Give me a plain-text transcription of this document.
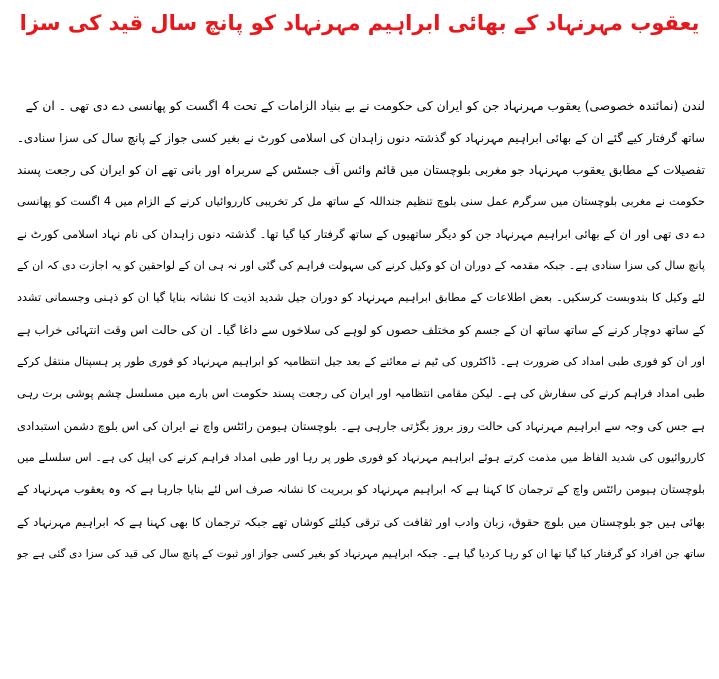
یعقوب مہرنہاد کے بھائی ابراہیم مہرنہاد کو پانچ سال قید کی سزا
لندن (نمائندہ خصوصی) یعقوب مہرنہاد جن کو ایران کی حکومت نے بے بنیاد الزامات کے تحت 4 اگست کو پھانسی دے دی تھی ۔ ان کے
ساتھ گرفتار کیے گئے ان کے بھائی ابراہیم مہرنہاد کو گذشتہ دنوں زاہدان کی اسلامی کورٹ نے بغیر کسی جواز کے پانچ سال کی سزا سنادی۔
تفصیلات کے مطابق یعقوب مہرنہاد جو مغربی بلوچستان میں قائم وائس آف جسٹس کے سربراہ اور بانی تھے ان کو ایران کی رجعت پسند
حکومت نے مغربی بلوچستان میں سرگرم عمل سنی بلوچ تنظیم جنداللہ کے ساتھ مل کر تخریبی کارروائیاں کرنے کے الزام میں 4 اگست کو پھانسی
دے دی تھی اور ان کے بھائی ابراہیم مہرنہاد جن کو دیگر ساتھیوں کے ساتھ گرفتار کیا گیا تھا۔ گذشتہ دنوں زاہدان کی نام نہاد اسلامی کورٹ نے
پانچ سال کی سزا سنادی ہے۔ جبکہ مقدمہ کے دوران ان کو وکیل کرنے کی سہولت فراہم کی گئی اور نہ ہی ان کے لواحقین کو یہ اجازت دی کہ ان کے
لئے وکیل کا بندوبست کرسکیں۔ بعض اطلاعات کے مطابق ابراہیم مہرنہاد کو دوران جیل شدید اذیت کا نشانہ بنایا گیا ان کو ذہنی وجسمانی تشدد
کے ساتھ دوچار کرنے کے ساتھ ساتھ ان کے جسم کو مختلف حصوں کو لوہے کی سلاخوں سے داغا گیا۔ ان کی حالت اس وقت انتہائی خراب ہے
اور ان کو فوری طبی امداد کی ضرورت ہے۔ ڈاکٹروں کی ٹیم نے معائنے کے بعد جیل انتظامیہ کو ابراہیم مہرنہاد کو فوری طور پر ہسپتال منتقل کرکے
طبی امداد فراہم کرنے کی سفارش کی ہے۔ لیکن مقامی انتظامیہ اور ایران کی رجعت پسند حکومت اس بارے میں مسلسل چشم پوشی برت رہی
ہے جس کی وجہ سے ابراہیم مہرنہاد کی حالت روز بروز بگڑتی جارہی ہے۔ بلوچستان ہیومن رائٹس واچ نے ایران کی اس بلوچ دشمن استبدادی
کارروائیوں کی شدید الفاظ میں مذمت کرتے ہوئے ابراہیم مہرنہاد کو فوری طور پر رہا اور طبی امداد فراہم کرنے کی اپیل کی ہے۔ اس سلسلے میں
بلوچستان ہیومن رائٹس واچ کے ترجمان کا کہنا ہے کہ ابراہیم مہرنہاد کو بربریت کا نشانہ صرف اس لئے بنایا جارہا ہے کہ وہ یعقوب مہرنہاد کے
بھائی ہیں جو بلوچستان میں بلوچ حقوق، زبان وادب اور ثقافت کی ترقی کیلئے کوشاں تھے جبکہ ترجمان کا بھی کہنا ہے کہ ابراہیم مہرنہاد کے
ساتھ جن افراد کو گرفتار کیا گیا تھا ان کو رہا کردیا گیا ہے۔ جبکہ ابراہیم مہرنہاد کو بغیر کسی جواز اور ثبوت کے پانچ سال کی قید کی سزا دی گئی ہے جو
